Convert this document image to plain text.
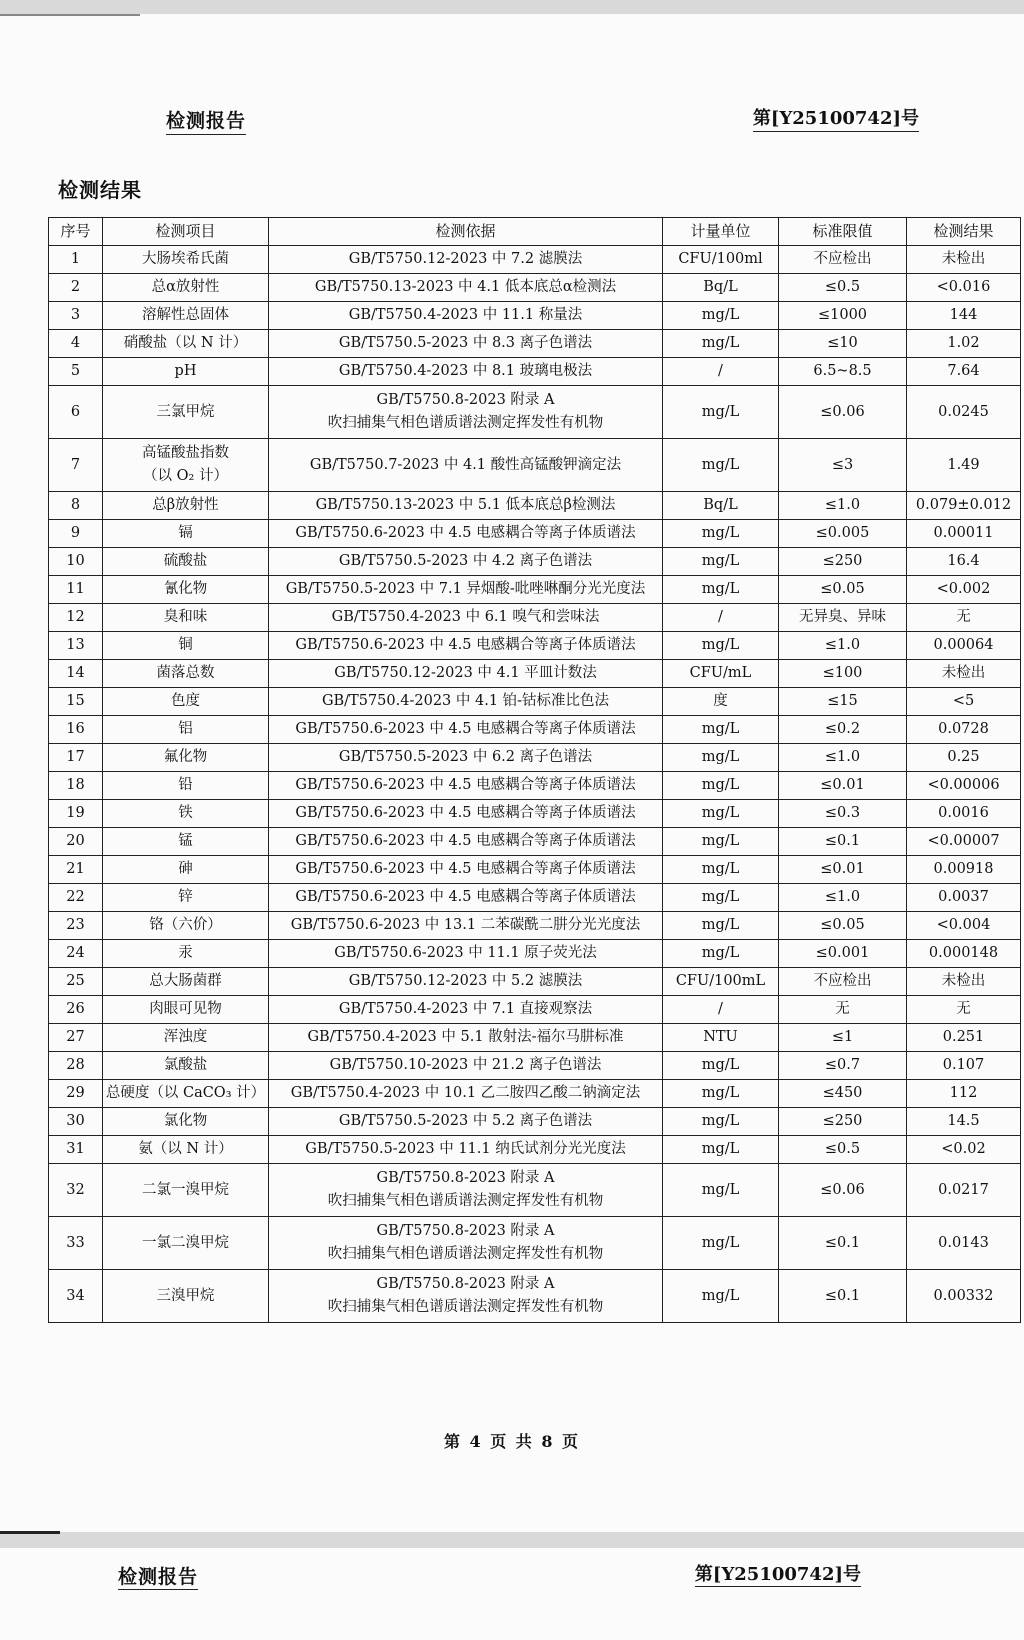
检测报告	第[Y25100742]号
检测结果
序号	检测项目	检测依据	计量单位	标准限值	检测结果
1	大肠埃希氏菌	GB/T5750.12-2023 中 7.2 滤膜法	CFU/100ml	不应检出	未检出
2	总α放射性	GB/T5750.13-2023 中 4.1 低本底总α检测法	Bq/L	≤0.5	<0.016
3	溶解性总固体	GB/T5750.4-2023 中 11.1 称量法	mg/L	≤1000	144
4	硝酸盐（以 N 计）	GB/T5750.5-2023 中 8.3 离子色谱法	mg/L	≤10	1.02
5	pH	GB/T5750.4-2023 中 8.1 玻璃电极法	/	6.5~8.5	7.64
6	三氯甲烷	GB/T5750.8-2023 附录 A
吹扫捕集气相色谱质谱法测定挥发性有机物	mg/L	≤0.06	0.0245
7	高锰酸盐指数
（以 O₂ 计）	GB/T5750.7-2023 中 4.1 酸性高锰酸钾滴定法	mg/L	≤3	1.49
8	总β放射性	GB/T5750.13-2023 中 5.1 低本底总β检测法	Bq/L	≤1.0	0.079±0.012
9	镉	GB/T5750.6-2023 中 4.5 电感耦合等离子体质谱法	mg/L	≤0.005	0.00011
10	硫酸盐	GB/T5750.5-2023 中 4.2 离子色谱法	mg/L	≤250	16.4
11	氰化物	GB/T5750.5-2023 中 7.1 异烟酸-吡唑啉酮分光光度法	mg/L	≤0.05	<0.002
12	臭和味	GB/T5750.4-2023 中 6.1 嗅气和尝味法	/	无异臭、异味	无
13	铜	GB/T5750.6-2023 中 4.5 电感耦合等离子体质谱法	mg/L	≤1.0	0.00064
14	菌落总数	GB/T5750.12-2023 中 4.1 平皿计数法	CFU/mL	≤100	未检出
15	色度	GB/T5750.4-2023 中 4.1 铂-钴标准比色法	度	≤15	<5
16	铝	GB/T5750.6-2023 中 4.5 电感耦合等离子体质谱法	mg/L	≤0.2	0.0728
17	氟化物	GB/T5750.5-2023 中 6.2 离子色谱法	mg/L	≤1.0	0.25
18	铅	GB/T5750.6-2023 中 4.5 电感耦合等离子体质谱法	mg/L	≤0.01	<0.00006
19	铁	GB/T5750.6-2023 中 4.5 电感耦合等离子体质谱法	mg/L	≤0.3	0.0016
20	锰	GB/T5750.6-2023 中 4.5 电感耦合等离子体质谱法	mg/L	≤0.1	<0.00007
21	砷	GB/T5750.6-2023 中 4.5 电感耦合等离子体质谱法	mg/L	≤0.01	0.00918
22	锌	GB/T5750.6-2023 中 4.5 电感耦合等离子体质谱法	mg/L	≤1.0	0.0037
23	铬（六价）	GB/T5750.6-2023 中 13.1 二苯碳酰二肼分光光度法	mg/L	≤0.05	<0.004
24	汞	GB/T5750.6-2023 中 11.1 原子荧光法	mg/L	≤0.001	0.000148
25	总大肠菌群	GB/T5750.12-2023 中 5.2 滤膜法	CFU/100mL	不应检出	未检出
26	肉眼可见物	GB/T5750.4-2023 中 7.1 直接观察法	/	无	无
27	浑浊度	GB/T5750.4-2023 中 5.1 散射法-福尔马肼标准	NTU	≤1	0.251
28	氯酸盐	GB/T5750.10-2023 中 21.2 离子色谱法	mg/L	≤0.7	0.107
29	总硬度（以 CaCO₃ 计）	GB/T5750.4-2023 中 10.1 乙二胺四乙酸二钠滴定法	mg/L	≤450	112
30	氯化物	GB/T5750.5-2023 中 5.2 离子色谱法	mg/L	≤250	14.5
31	氨（以 N 计）	GB/T5750.5-2023 中 11.1 纳氏试剂分光光度法	mg/L	≤0.5	<0.02
32	二氯一溴甲烷	GB/T5750.8-2023 附录 A
吹扫捕集气相色谱质谱法测定挥发性有机物	mg/L	≤0.06	0.0217
33	一氯二溴甲烷	GB/T5750.8-2023 附录 A
吹扫捕集气相色谱质谱法测定挥发性有机物	mg/L	≤0.1	0.0143
34	三溴甲烷	GB/T5750.8-2023 附录 A
吹扫捕集气相色谱质谱法测定挥发性有机物	mg/L	≤0.1	0.00332
第 4 页 共 8 页
检测报告	第[Y25100742]号
